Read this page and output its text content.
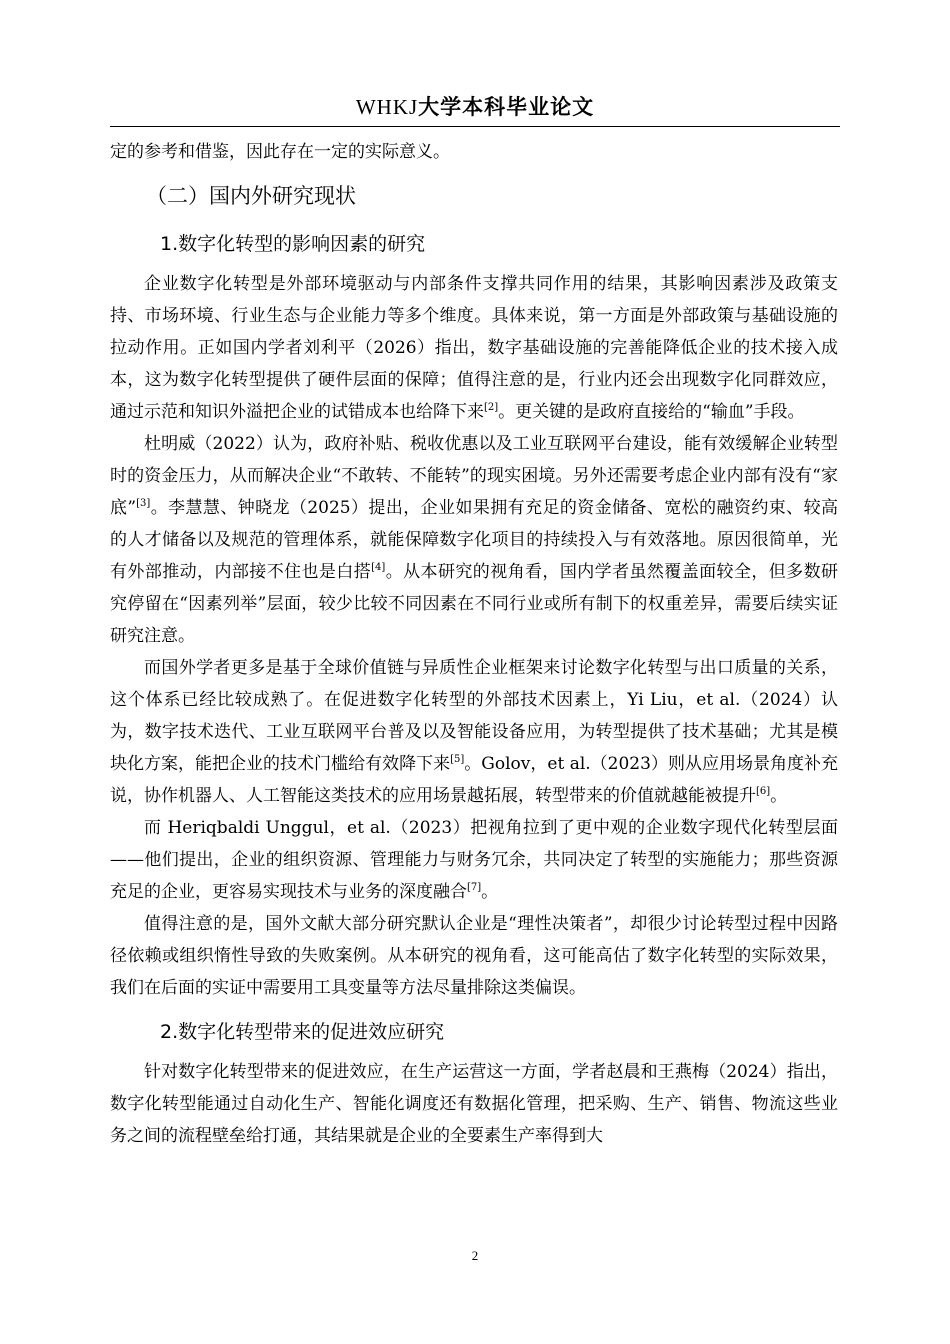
WHKJ大学本科毕业论文

定的参考和借鉴，因此存在一定的实际意义。

（二）国内外研究现状
1.数字化转型的影响因素的研究

企业数字化转型是外部环境驱动与内部条件支撑共同作用的结果，其影响因素涉及政策支持、市场环境、行业生态与企业能力等多个维度。具体来说，第一方面是外部政策与基础设施的拉动作用。正如国内学者刘利平（2026）指出，数字基础设施的完善能降低企业的技术接入成本，这为数字化转型提供了硬件层面的保障；值得注意的是，行业内还会出现数字化同群效应，通过示范和知识外溢把企业的试错成本也给降下来[2]。更关键的是政府直接给的“输血”手段。

杜明威（2022）认为，政府补贴、税收优惠以及工业互联网平台建设，能有效缓解企业转型时的资金压力，从而解决企业“不敢转、不能转”的现实困境。另外还需要考虑企业内部有没有“家底”[3]。李慧慧、钟晓龙（2025）提出，企业如果拥有充足的资金储备、宽松的融资约束、较高的人才储备以及规范的管理体系，就能保障数字化项目的持续投入与有效落地。原因很简单，光有外部推动，内部接不住也是白搭[4]。从本研究的视角看，国内学者虽然覆盖面较全，但多数研究停留在“因素列举”层面，较少比较不同因素在不同行业或所有制下的权重差异，需要后续实证研究注意。

而国外学者更多是基于全球价值链与异质性企业框架来讨论数字化转型与出口质量的关系，这个体系已经比较成熟了。在促进数字化转型的外部技术因素上，Yi Liu，et al.（2024）认为，数字技术迭代、工业互联网平台普及以及智能设备应用，为转型提供了技术基础；尤其是模块化方案，能把企业的技术门槛给有效降下来[5]。Golov，et al.（2023）则从应用场景角度补充说，协作机器人、人工智能这类技术的应用场景越拓展，转型带来的价值就越能被提升[6]。

而 Heriqbaldi Unggul，et al.（2023）把视角拉到了更中观的企业数字现代化转型层面——他们提出，企业的组织资源、管理能力与财务冗余，共同决定了转型的实施能力；那些资源充足的企业，更容易实现技术与业务的深度融合[7]。

值得注意的是，国外文献大部分研究默认企业是“理性决策者”，却很少讨论转型过程中因路径依赖或组织惰性导致的失败案例。从本研究的视角看，这可能高估了数字化转型的实际效果，我们在后面的实证中需要用工具变量等方法尽量排除这类偏误。

2.数字化转型带来的促进效应研究

针对数字化转型带来的促进效应，在生产运营这一方面，学者赵晨和王燕梅（2024）指出，数字化转型能通过自动化生产、智能化调度还有数据化管理，把采购、生产、销售、物流这些业务之间的流程壁垒给打通，其结果就是企业的全要素生产率得到大

2
